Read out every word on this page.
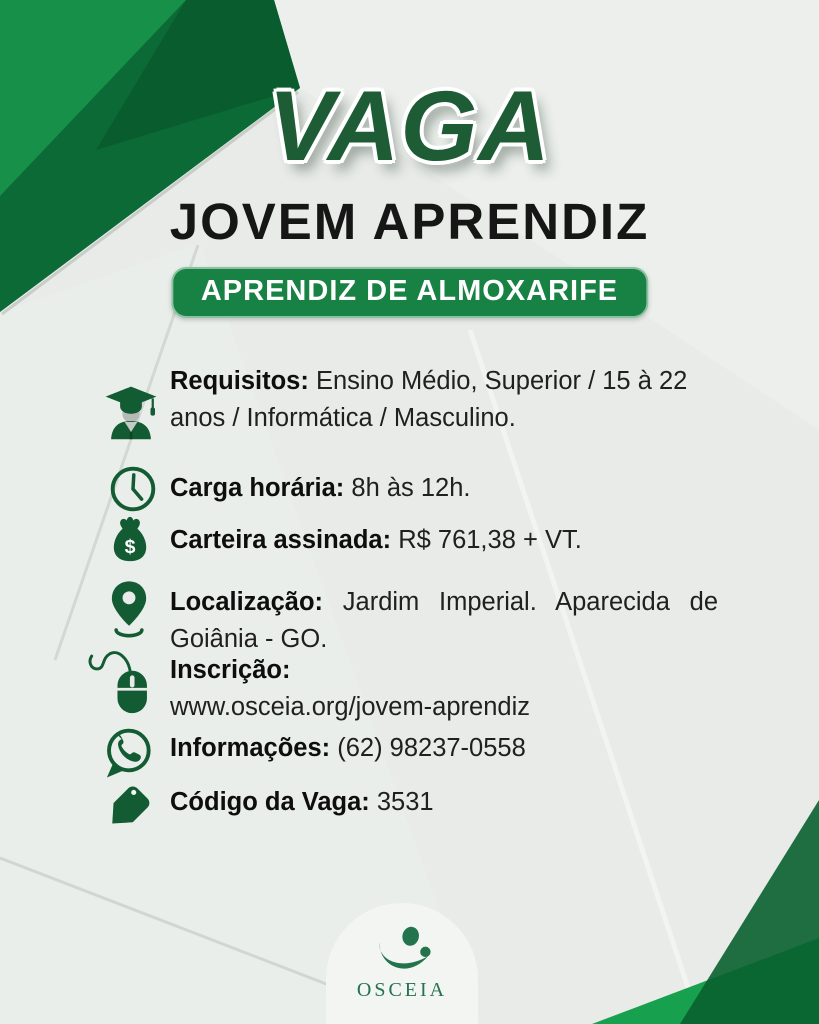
VAGA
JOVEM APRENDIZ
APRENDIZ DE ALMOXARIFE

Requisitos: Ensino Médio, Superior / 15 à 22
anos / Informática / Masculino.

Carga horária: 8h às 12h.

$ Carteira assinada: R$ 761,38 + VT.

Localização: Jardim Imperial. Aparecida de
Goiânia - GO.

Inscrição:
www.osceia.org/jovem-aprendiz

Informações: (62) 98237-0558

Código da Vaga: 3531

OSCEIA
